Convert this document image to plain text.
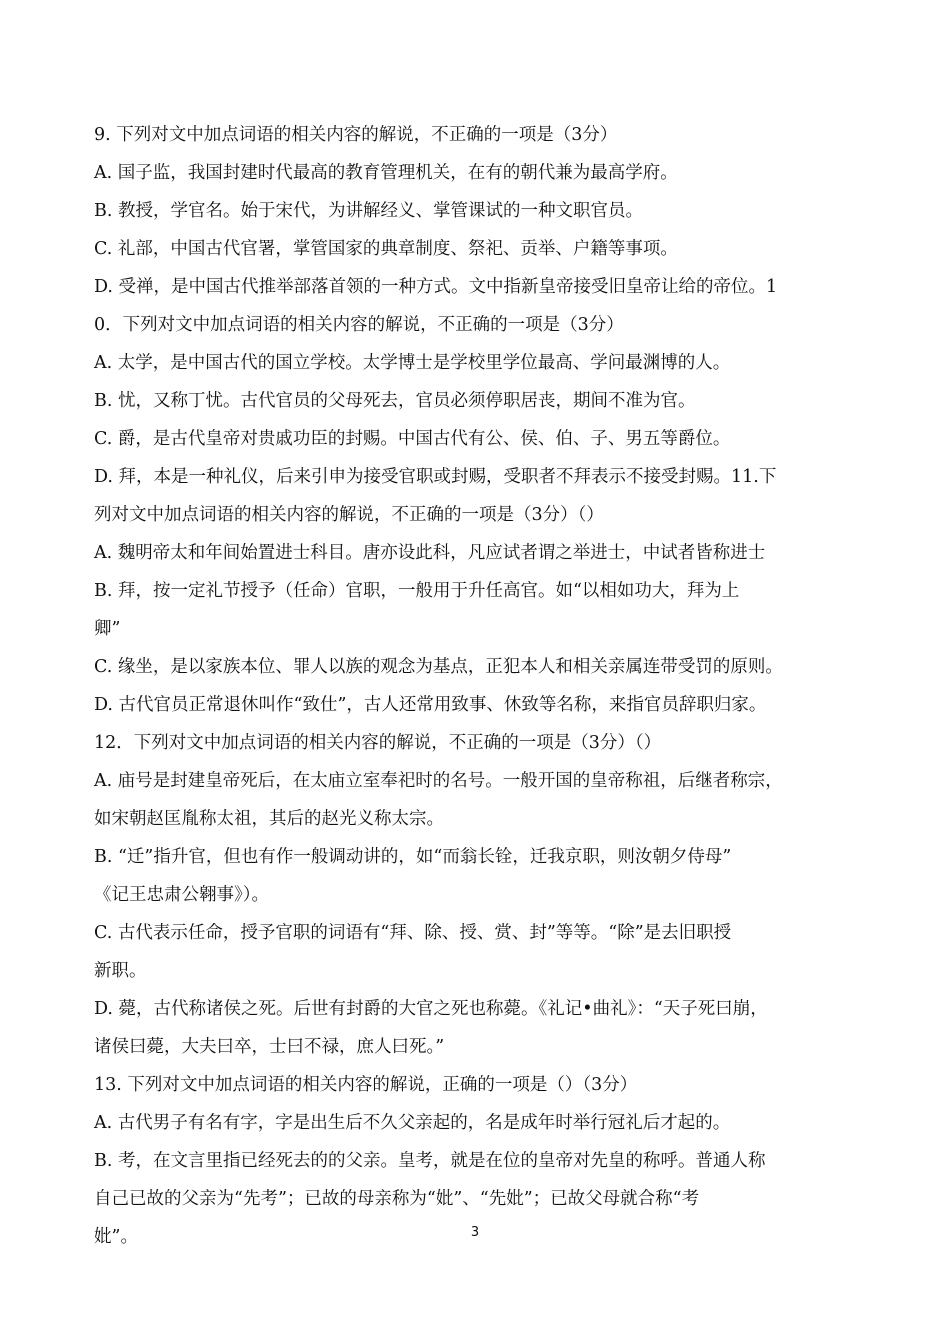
9. 下列对文中加点词语的相关内容的解说，不正确的一项是（3分）
A. 国子监，我国封建时代最高的教育管理机关，在有的朝代兼为最高学府。
B. 教授，学官名。始于宋代，为讲解经义、掌管课试的一种文职官员。
C. 礼部，中国古代官署，掌管国家的典章制度、祭祀、贡举、户籍等事项。
D. 受禅，是中国古代推举部落首领的一种方式。文中指新皇帝接受旧皇帝让给的帝位。1
0．下列对文中加点词语的相关内容的解说，不正确的一项是（3分）
A. 太学，是中国古代的国立学校。太学博士是学校里学位最高、学问最渊博的人。
B. 忧，又称丁忧。古代官员的父母死去，官员必须停职居丧，期间不准为官。
C. 爵，是古代皇帝对贵戚功臣的封赐。中国古代有公、侯、伯、子、男五等爵位。
D. 拜，本是一种礼仪，后来引申为接受官职或封赐，受职者不拜表示不接受封赐。11.下
列对文中加点词语的相关内容的解说，不正确的一项是（3分）（）
A. 魏明帝太和年间始置进士科目。唐亦设此科，凡应试者谓之举进士，中试者皆称进士
B. 拜，按一定礼节授予（任命）官职，一般用于升任高官。如“以相如功大，拜为上
卿”
C. 缘坐，是以家族本位、罪人以族的观念为基点，正犯本人和相关亲属连带受罚的原则。
D. 古代官员正常退休叫作“致仕”，古人还常用致事、休致等名称，来指官员辞职归家。
12．下列对文中加点词语的相关内容的解说，不正确的一项是（3分）（）
A. 庙号是封建皇帝死后，在太庙立室奉祀时的名号。一般开国的皇帝称祖，后继者称宗，
如宋朝赵匡胤称太祖，其后的赵光义称太宗。
B. “迁”指升官，但也有作一般调动讲的，如“而翁长铨，迁我京职，则汝朝夕侍母”
《记王忠肃公翱事》）。
C. 古代表示任命，授予官职的词语有“拜、除、授、赏、封”等等。“除”是去旧职授
新职。
D. 薨，古代称诸侯之死。后世有封爵的大官之死也称薨。《礼记•曲礼》：“天子死曰崩，
诸侯曰薨，大夫曰卒，士曰不禄，庶人曰死。”
13. 下列对文中加点词语的相关内容的解说，正确的一项是（）（3分）
A. 古代男子有名有字，字是出生后不久父亲起的，名是成年时举行冠礼后才起的。
B. 考，在文言里指已经死去的的父亲。皇考，就是在位的皇帝对先皇的称呼。普通人称
自己已故的父亲为“先考”；已故的母亲称为“妣”、“先妣”；已故父母就合称“考
妣”。	3
